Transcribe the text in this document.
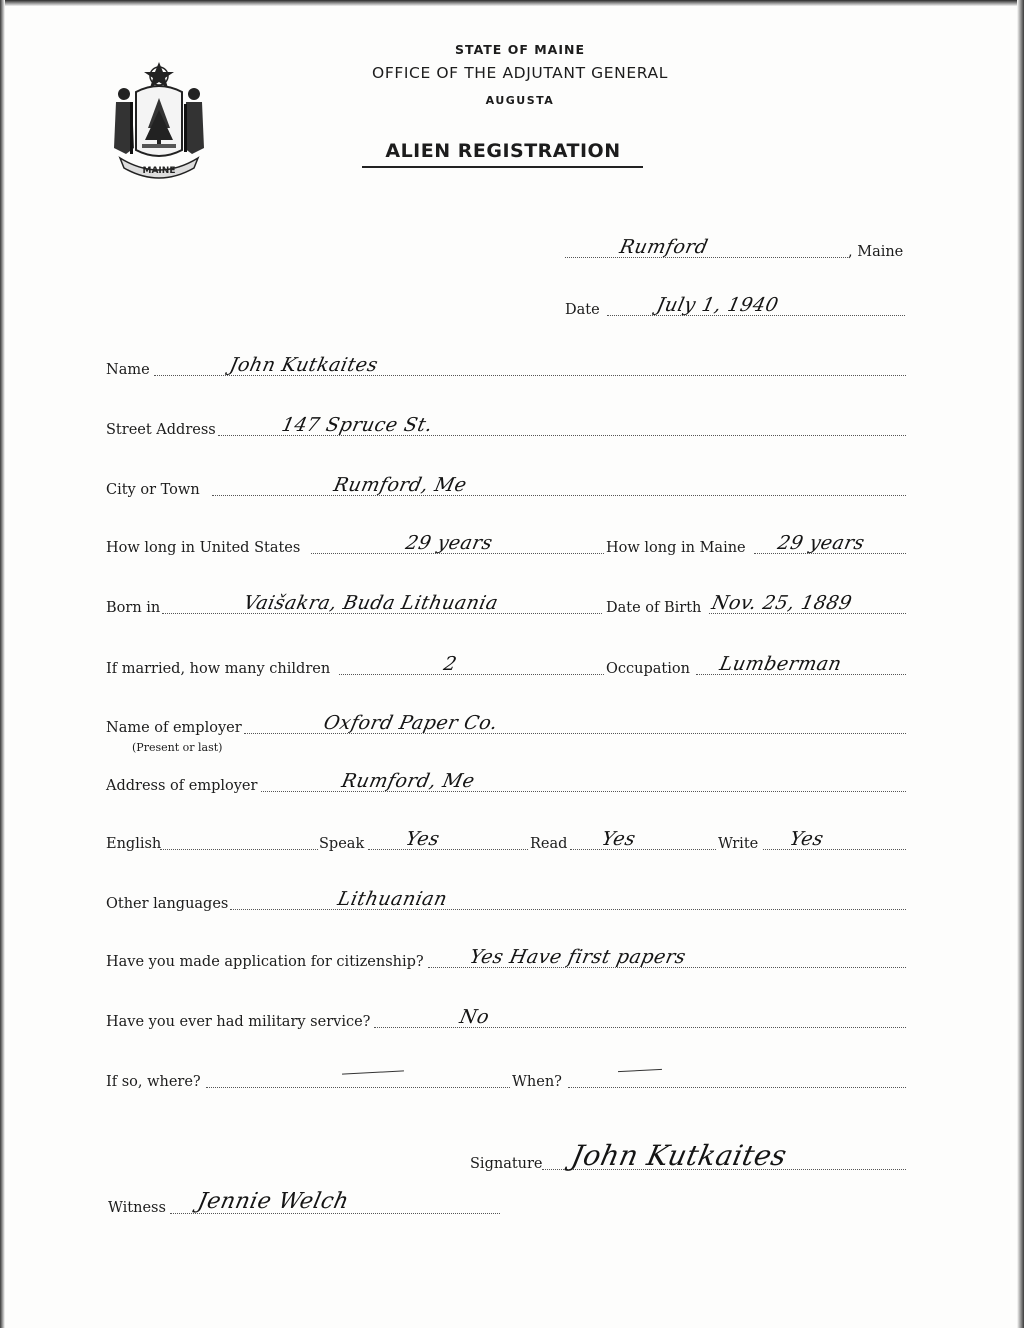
MAINE
STATE OF MAINE
OFFICE OF THE ADJUTANT GENERAL
AUGUSTA
ALIEN REGISTRATION
Rumford	, Maine
Date	July 1, 1940
Name	John Kutkaites
Street Address	147 Spruce St.
City or Town	Rumford, Me
How long in United States	29 years	How long in Maine 29 years
Born in	Vaišakra, Buda Lithuania	Date of Birth Nov. 25, 1889
If married, how many children	2	Occupation Lumberman
Name of employer
(Present or last)
Oxford Paper Co.
Address of employer	Rumford, Me
English	Speak Yes	Read Yes	Write Yes
Other languages	Lithuanian
Have you made application for citizenship? Yes Have first papers
Have you ever had military service?	No
If so, where?	When?
Signature John Kutkaites
Witness Jennie Welch
